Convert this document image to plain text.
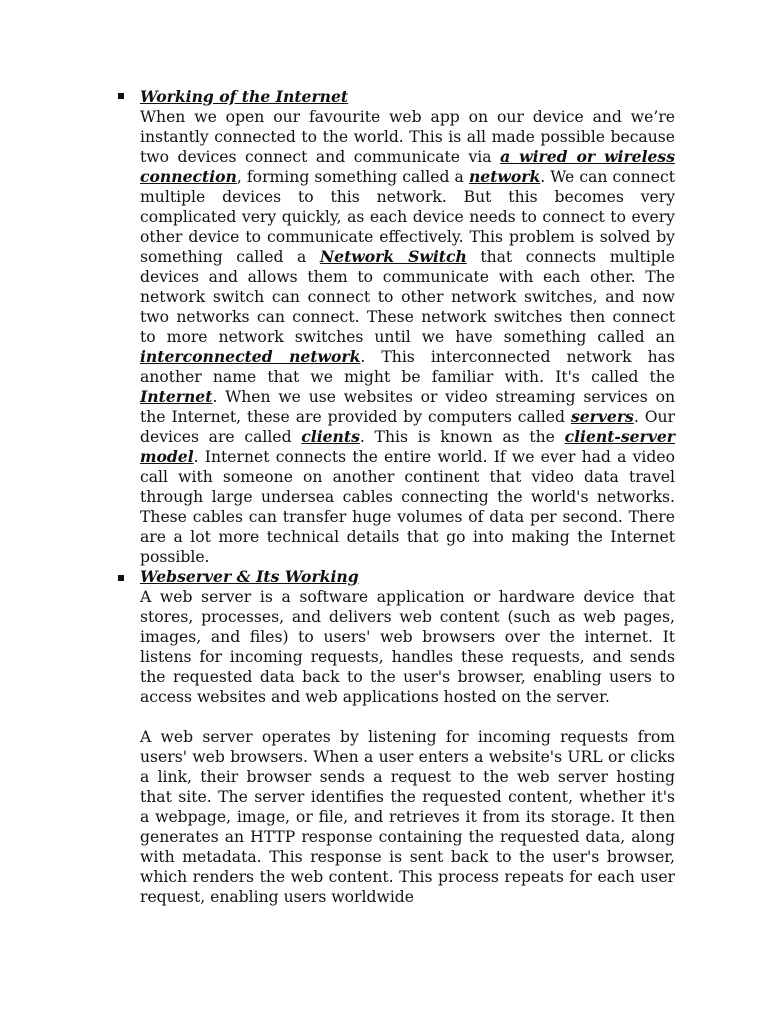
Working of the Internet

When we open our favourite web app on our device and we’re instantly connected to the world. This is all made possible because two devices connect and communicate via a wired or wireless connection, forming something called a network. We can connect multiple devices to this network. But this becomes very complicated very quickly, as each device needs to connect to every other device to communicate effectively. This problem is solved by something called a Network Switch that connects multiple devices and allows them to communicate with each other. The network switch can connect to other network switches, and now two networks can connect. These network switches then connect to more network switches until we have something called an interconnected network. This interconnected network has another name that we might be familiar with. It's called the Internet. When we use websites or video streaming services on the Internet, these are provided by computers called servers. Our devices are called clients. This is known as the client-server model. Internet connects the entire world. If we ever had a video call with someone on another continent that video data travel through large undersea cables connecting the world's networks. These cables can transfer huge volumes of data per second. There are a lot more technical details that go into making the Internet possible.

Webserver & Its Working

A web server is a software application or hardware device that stores, processes, and delivers web content (such as web pages, images, and files) to users' web browsers over the internet. It listens for incoming requests, handles these requests, and sends the requested data back to the user's browser, enabling users to access websites and web applications hosted on the server.

A web server operates by listening for incoming requests from users' web browsers. When a user enters a website's URL or clicks a link, their browser sends a request to the web server hosting that site. The server identifies the requested content, whether it's a webpage, image, or file, and retrieves it from its storage. It then generates an HTTP response containing the requested data, along with metadata. This response is sent back to the user's browser, which renders the web content. This process repeats for each user request, enabling users worldwide
